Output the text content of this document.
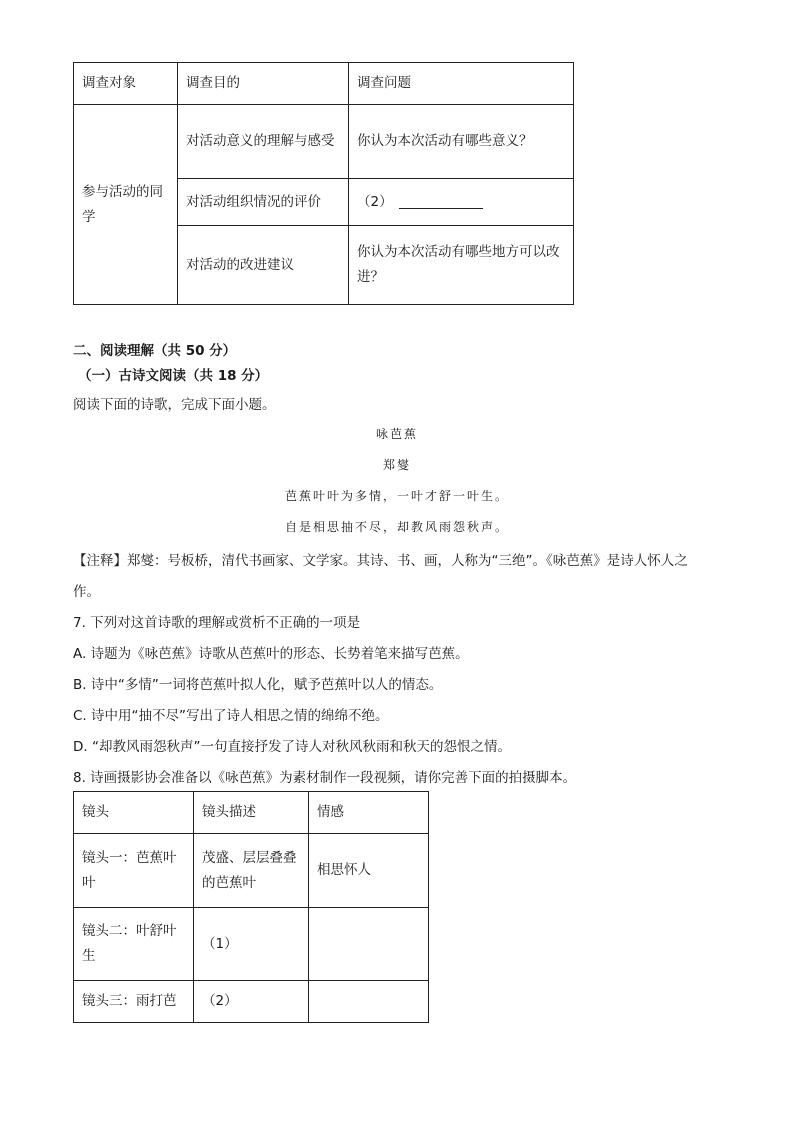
调查对象	调查目的	调查问题
参与活动的同学	对活动意义的理解与感受	你认为本次活动有哪些意义？
	对活动组织情况的评价	（2）
	对活动的改进建议	你认为本次活动有哪些地方可以改进？
二、阅读理解（共 50 分）
（一）古诗文阅读（共 18 分）
阅读下面的诗歌，完成下面小题。
咏芭蕉
郑燮
芭蕉叶叶为多情，一叶才舒一叶生。
自是相思抽不尽，却教风雨怨秋声。
【注释】郑燮：号板桥，清代书画家、文学家。其诗、书、画，人称为“三绝”。《咏芭蕉》是诗人怀人之
作。
7. 下列对这首诗歌的理解或赏析不正确的一项是
A. 诗题为《咏芭蕉》诗歌从芭蕉叶的形态、长势着笔来描写芭蕉。
B. 诗中“多情”一词将芭蕉叶拟人化，赋予芭蕉叶以人的情态。
C. 诗中用“抽不尽”写出了诗人相思之情的绵绵不绝。
D. “却教风雨怨秋声”一句直接抒发了诗人对秋风秋雨和秋天的怨恨之情。
8. 诗画摄影协会准备以《咏芭蕉》为素材制作一段视频，请你完善下面的拍摄脚本。
镜头	镜头描述	情感
镜头一：芭蕉叶叶	茂盛、层层叠叠的芭蕉叶	相思怀人
镜头二：叶舒叶生	（1）	
镜头三：雨打芭	（2）	
